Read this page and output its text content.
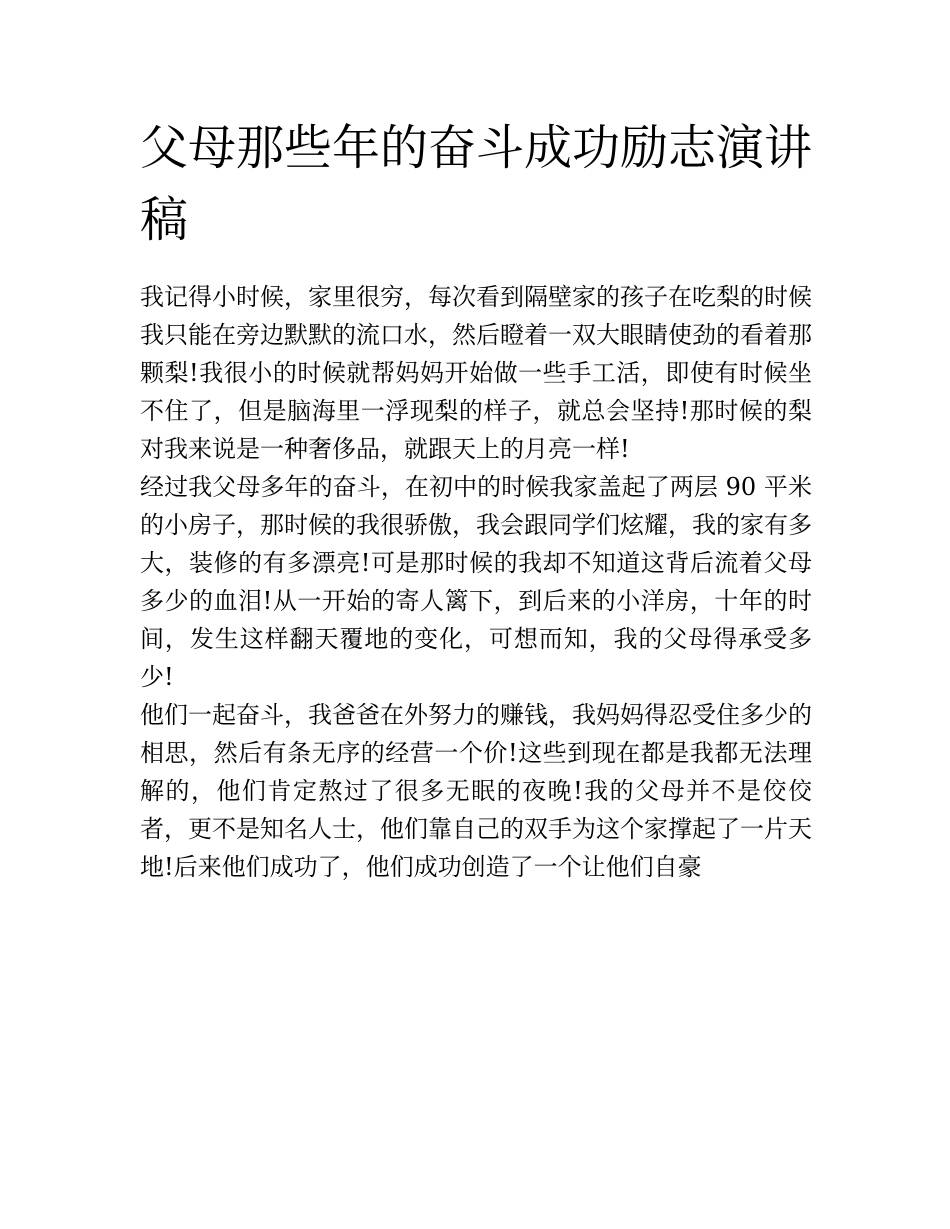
父母那些年的奋斗成功励志演讲稿

我记得小时候，家里很穷，每次看到隔壁家的孩子在吃梨的时候我只能在旁边默默的流口水，然后瞪着一双大眼睛使劲的看着那颗梨!我很小的时候就帮妈妈开始做一些手工活，即使有时候坐不住了，但是脑海里一浮现梨的样子，就总会坚持!那时候的梨对我来说是一种奢侈品，就跟天上的月亮一样!

经过我父母多年的奋斗，在初中的时候我家盖起了两层 90 平米的小房子，那时候的我很骄傲，我会跟同学们炫耀，我的家有多大，装修的有多漂亮!可是那时候的我却不知道这背后流着父母多少的血泪!从一开始的寄人篱下，到后来的小洋房，十年的时间，发生这样翻天覆地的变化，可想而知，我的父母得承受多少!

他们一起奋斗，我爸爸在外努力的赚钱，我妈妈得忍受住多少的相思，然后有条无序的经营一个价!这些到现在都是我都无法理解的，他们肯定熬过了很多无眠的夜晚!我的父母并不是佼佼者，更不是知名人士，他们靠自己的双手为这个家撑起了一片天地!后来他们成功了，他们成功创造了一个让他们自豪
